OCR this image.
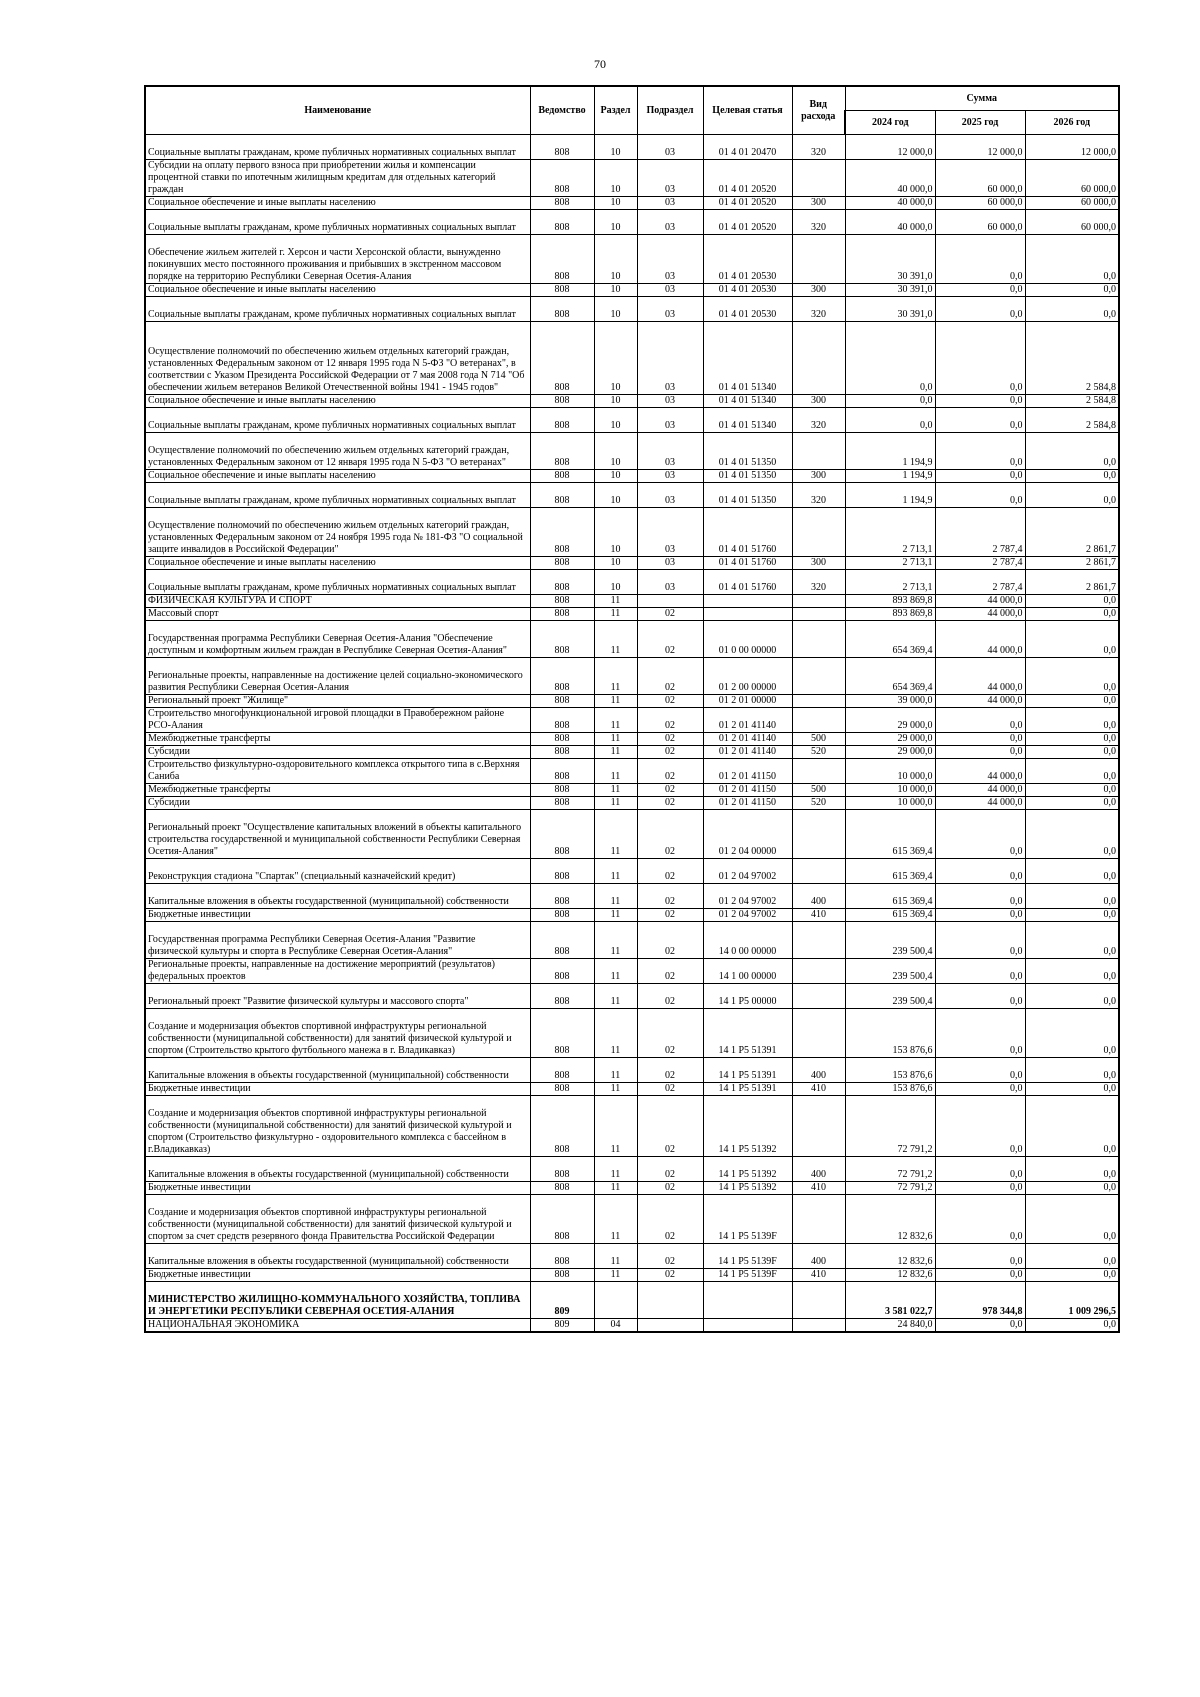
70
Наименование	Ведомство	Раздел	Подраздел	Целевая статья	Вид расхода	Сумма		
						2024 год	2025 год	2026 год
Социальные выплаты гражданам, кроме публичных нормативных социальных выплат	808	10	03	01 4 01 20470	320	12 000,0	12 000,0	12 000,0
Субсидии на оплату первого взноса при приобретении жилья и компенсации процентной ставки по ипотечным жилищным кредитам для отдельных категорий граждан	808	10	03	01 4 01 20520		40 000,0	60 000,0	60 000,0
Социальное обеспечение и иные выплаты населению	808	10	03	01 4 01 20520	300	40 000,0	60 000,0	60 000,0
Социальные выплаты гражданам, кроме публичных нормативных социальных выплат	808	10	03	01 4 01 20520	320	40 000,0	60 000,0	60 000,0
Обеспечение жильем жителей г. Херсон и части Херсонской области, вынужденно покинувших место постоянного проживания и прибывших в экстренном массовом порядке на территорию Республики Северная Осетия-Алания	808	10	03	01 4 01 20530		30 391,0	0,0	0,0
Социальное обеспечение и иные выплаты населению	808	10	03	01 4 01 20530	300	30 391,0	0,0	0,0
Социальные выплаты гражданам, кроме публичных нормативных социальных выплат	808	10	03	01 4 01 20530	320	30 391,0	0,0	0,0
Осуществление полномочий по обеспечению жильем отдельных категорий граждан, установленных Федеральным законом от 12 января 1995 года N 5-ФЗ "О ветеранах", в соответствии с Указом Президента Российской Федерации от 7 мая 2008 года N 714 "Об обеспечении жильем ветеранов Великой Отечественной войны 1941 - 1945 годов"	808	10	03	01 4 01 51340		0,0	0,0	2 584,8
Социальное обеспечение и иные выплаты населению	808	10	03	01 4 01 51340	300	0,0	0,0	2 584,8
Социальные выплаты гражданам, кроме публичных нормативных социальных выплат	808	10	03	01 4 01 51340	320	0,0	0,0	2 584,8
Осуществление полномочий по обеспечению жильем отдельных категорий граждан, установленных Федеральным законом от 12 января 1995 года N 5-ФЗ "О ветеранах"	808	10	03	01 4 01 51350		1 194,9	0,0	0,0
Социальное обеспечение и иные выплаты населению	808	10	03	01 4 01 51350	300	1 194,9	0,0	0,0
Социальные выплаты гражданам, кроме публичных нормативных социальных выплат	808	10	03	01 4 01 51350	320	1 194,9	0,0	0,0
Осуществление полномочий по обеспечению жильем отдельных категорий граждан, установленных Федеральным законом от 24 ноября 1995 года № 181-ФЗ "О социальной защите инвалидов в Российской Федерации"	808	10	03	01 4 01 51760		2 713,1	2 787,4	2 861,7
Социальное обеспечение и иные выплаты населению	808	10	03	01 4 01 51760	300	2 713,1	2 787,4	2 861,7
Социальные выплаты гражданам, кроме публичных нормативных социальных выплат	808	10	03	01 4 01 51760	320	2 713,1	2 787,4	2 861,7
ФИЗИЧЕСКАЯ КУЛЬТУРА И СПОРТ	808	11				893 869,8	44 000,0	0,0
Массовый спорт	808	11	02			893 869,8	44 000,0	0,0
Государственная программа Республики Северная Осетия-Алания "Обеспечение доступным и комфортным жильем граждан в Республике Северная Осетия-Алания"	808	11	02	01 0 00 00000		654 369,4	44 000,0	0,0
Региональные проекты, направленные на достижение целей социально-экономического развития Республики Северная Осетия-Алания	808	11	02	01 2 00 00000		654 369,4	44 000,0	0,0
Региональный проект "Жилище"	808	11	02	01 2 01 00000		39 000,0	44 000,0	0,0
Строительство многофункциональной игровой площадки в Правобережном районе РСО-Алания	808	11	02	01 2 01 41140		29 000,0	0,0	0,0
Межбюджетные трансферты	808	11	02	01 2 01 41140	500	29 000,0	0,0	0,0
Субсидии	808	11	02	01 2 01 41140	520	29 000,0	0,0	0,0
Строительство физкультурно-оздоровительного комплекса открытого типа в с.Верхняя Саниба	808	11	02	01 2 01 41150		10 000,0	44 000,0	0,0
Межбюджетные трансферты	808	11	02	01 2 01 41150	500	10 000,0	44 000,0	0,0
Субсидии	808	11	02	01 2 01 41150	520	10 000,0	44 000,0	0,0
Региональный проект "Осуществление капитальных вложений в объекты капитального строительства государственной и муниципальной собственности Республики Северная Осетия-Алания"	808	11	02	01 2 04 00000		615 369,4	0,0	0,0
Реконструкция стадиона "Спартак" (специальный казначейский кредит)	808	11	02	01 2 04 97002		615 369,4	0,0	0,0
Капитальные вложения в объекты государственной (муниципальной) собственности	808	11	02	01 2 04 97002	400	615 369,4	0,0	0,0
Бюджетные инвестиции	808	11	02	01 2 04 97002	410	615 369,4	0,0	0,0
Государственная программа Республики Северная Осетия-Алания "Развитие физической культуры и спорта в Республике Северная Осетия-Алания"	808	11	02	14 0 00 00000		239 500,4	0,0	0,0
Региональные проекты, направленные на достижение мероприятий (результатов) федеральных проектов	808	11	02	14 1 00 00000		239 500,4	0,0	0,0
Региональный проект "Развитие физической культуры и массового спорта"	808	11	02	14 1 P5 00000		239 500,4	0,0	0,0
Создание и модернизация объектов спортивной инфраструктуры региональной собственности (муниципальной собственности) для занятий физической культурой и спортом (Строительство крытого футбольного манежа в г. Владикавказ)	808	11	02	14 1 P5 51391		153 876,6	0,0	0,0
Капитальные вложения в объекты государственной (муниципальной) собственности	808	11	02	14 1 P5 51391	400	153 876,6	0,0	0,0
Бюджетные инвестиции	808	11	02	14 1 P5 51391	410	153 876,6	0,0	0,0
Создание и модернизация объектов спортивной инфраструктуры региональной собственности (муниципальной собственности) для занятий физической культурой и спортом (Строительство физкультурно - оздоровительного комплекса с бассейном в г.Владикавказ)	808	11	02	14 1 P5 51392		72 791,2	0,0	0,0
Капитальные вложения в объекты государственной (муниципальной) собственности	808	11	02	14 1 P5 51392	400	72 791,2	0,0	0,0
Бюджетные инвестиции	808	11	02	14 1 P5 51392	410	72 791,2	0,0	0,0
Создание и модернизация объектов спортивной инфраструктуры региональной собственности (муниципальной собственности) для занятий физической культурой и спортом за счет средств резервного фонда Правительства Российской Федерации	808	11	02	14 1 P5 5139F		12 832,6	0,0	0,0
Капитальные вложения в объекты государственной (муниципальной) собственности	808	11	02	14 1 P5 5139F	400	12 832,6	0,0	0,0
Бюджетные инвестиции	808	11	02	14 1 P5 5139F	410	12 832,6	0,0	0,0
МИНИСТЕРСТВО ЖИЛИЩНО-КОММУНАЛЬНОГО ХОЗЯЙСТВА, ТОПЛИВА И ЭНЕРГЕТИКИ РЕСПУБЛИКИ СЕВЕРНАЯ ОСЕТИЯ-АЛАНИЯ	809					3 581 022,7	978 344,8	1 009 296,5
НАЦИОНАЛЬНАЯ ЭКОНОМИКА	809	04				24 840,0	0,0	0,0
